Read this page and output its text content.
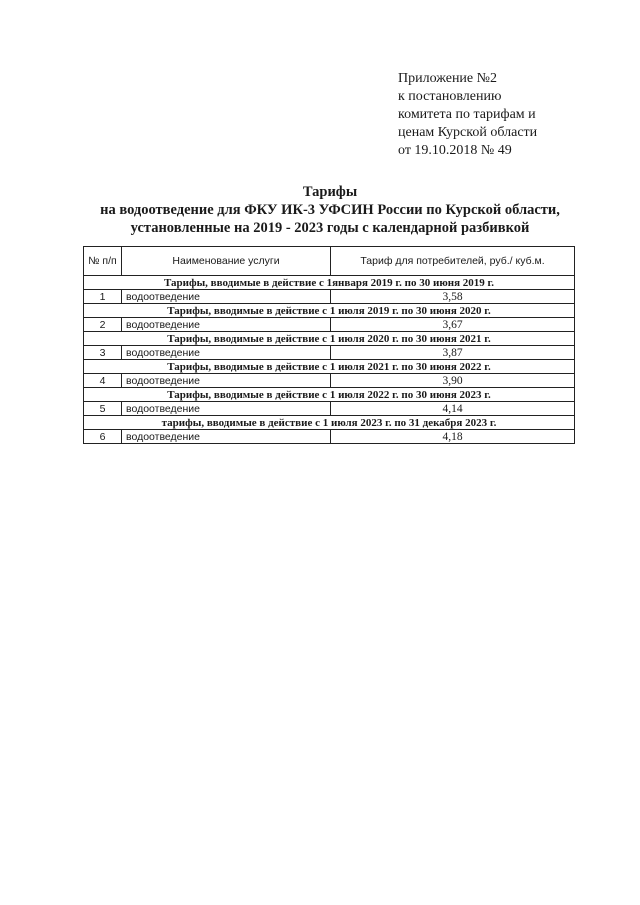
Приложение №2
к постановлению
комитета по тарифам и
ценам Курской области
от 19.10.2018 № 49
Тарифы
на водоотведение для ФКУ ИК-3 УФСИН России по Курской области,
установленные на 2019 - 2023 годы с календарной разбивкой
№ п/п	Наименование услуги	Тариф для потребителей, руб./ куб.м.
Тарифы, вводимые в действие с 1января 2019 г. по 30 июня 2019 г.		
1	водоотведение	3,58
Тарифы, вводимые в действие с 1 июля 2019 г. по 30 июня 2020 г.		
2	водоотведение	3,67
Тарифы, вводимые в действие с 1 июля 2020 г. по 30 июня 2021 г.		
3	водоотведение	3,87
Тарифы, вводимые в действие с 1 июля 2021 г. по 30 июня 2022 г.		
4	водоотведение	3,90
Тарифы, вводимые в действие с 1 июля 2022 г. по 30 июня 2023 г.		
5	водоотведение	4,14
тарифы, вводимые в действие с 1 июля 2023 г. по 31 декабря 2023 г.		
6	водоотведение	4,18
